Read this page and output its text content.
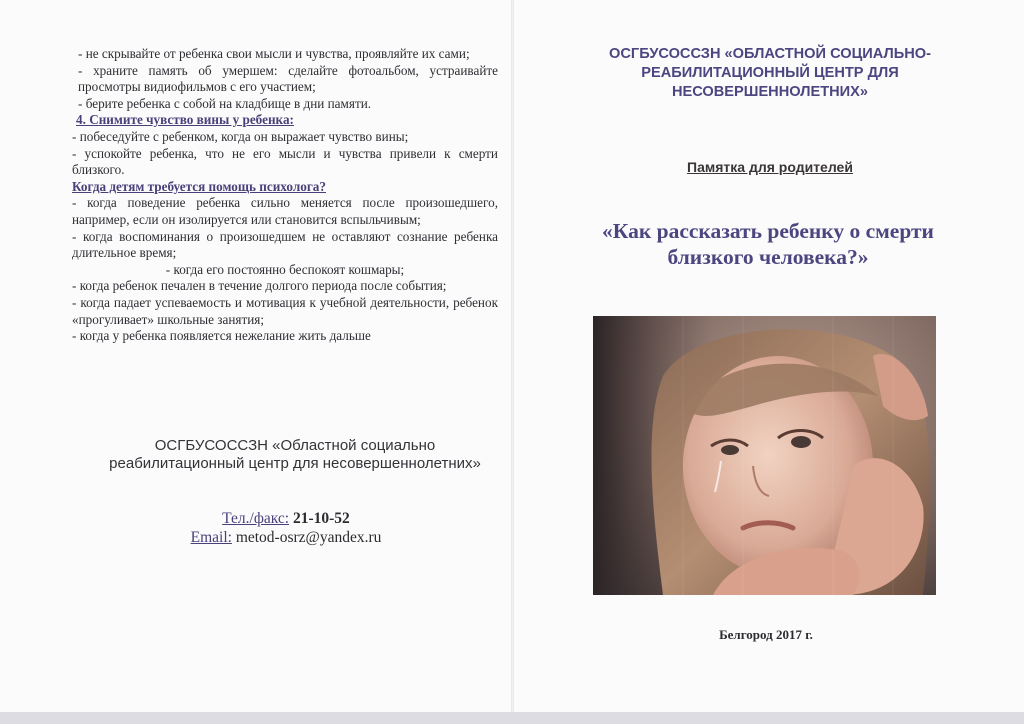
- не скрывайте от ребенка свои мысли и чувства, проявляйте их сами;

- храните память об умершем: сделайте фотоальбом, устраивайте просмотры видиофильмов с его участием;

- берите ребенка с собой на кладбище в дни памяти.

4. Снимите чувство вины у ребенка:

- побеседуйте с ребенком, когда он выражает чувство вины;

- успокойте ребенка, что не его мысли и чувства привели к смерти близкого.

Когда детям требуется помощь психолога?

- когда поведение ребенка сильно меняется после произошедшего, например, если он изолируется или становится вспыльчивым;

- когда воспоминания о произошедшем не оставляют сознание ребенка длительное время;

- когда его постоянно беспокоят кошмары;

- когда ребенок печален в течение долгого периода после события;

- когда падает успеваемость и мотивация к учебной деятельности, ребенок «прогуливает» школьные занятия;

- когда у ребенка появляется нежелание жить дальше

ОСГБУСОССЗН «Областной социально
реабилитационный центр для несовершеннолетних»
Тел./факс: 21-10-52
Email: metod-osrz@yandex.ru
ОСГБУСОССЗН «ОБЛАСТНОЙ СОЦИАЛЬНО-
РЕАБИЛИТАЦИОННЫЙ ЦЕНТР ДЛЯ
НЕСОВЕРШЕННОЛЕТНИХ»
Памятка для родителей
«Как рассказать ребенку о смерти
близкого человека?»
Белгород 2017 г.
